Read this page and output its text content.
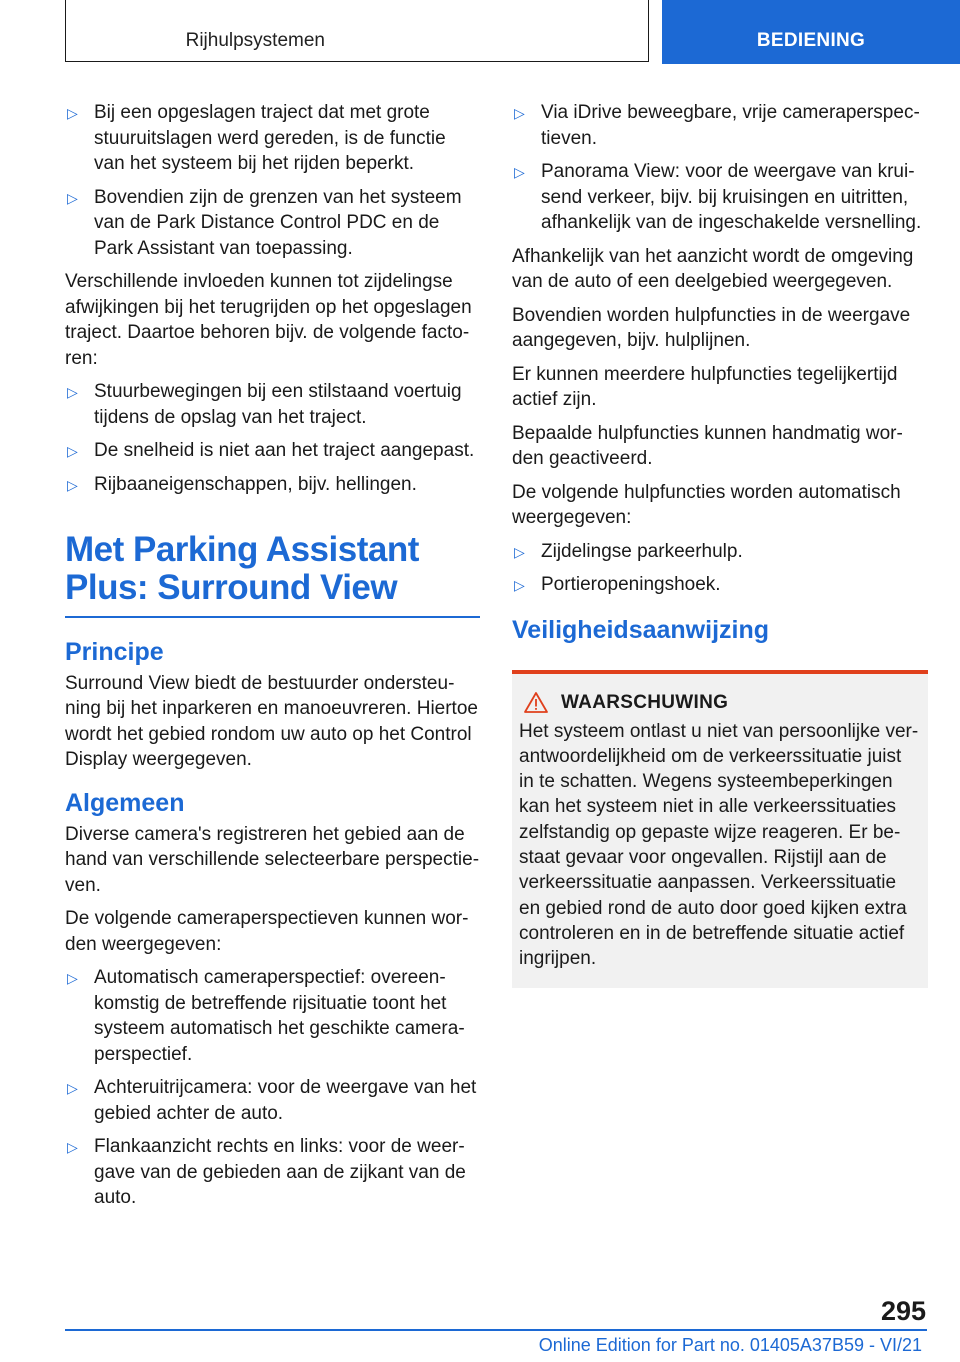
Rijhulpsystemen	BEDIENING
▷ Bij een opgeslagen traject dat met grote stuuruitslagen werd gereden, is de functie van het systeem bij het rijden beperkt.
▷ Bovendien zijn de grenzen van het systeem van de Park Distance Control PDC en de Park Assistant van toepassing.

Verschillende invloeden kunnen tot zijdelingse afwijkingen bij het terugrijden op het opgeslagen traject. Daartoe behoren bijv. de volgende factoren:

▷ Stuurbewegingen bij een stilstaand voertuig tijdens de opslag van het traject.
▷ De snelheid is niet aan het traject aangepast.
▷ Rijbaaneigenschappen, bijv. hellingen.
Met Parking Assistant Plus: Surround View
Principe

Surround View biedt de bestuurder ondersteuning bij het inparkeren en manoeuvreren. Hiertoe wordt het gebied rondom uw auto op het Control Display weergegeven.

Algemeen

Diverse camera's registreren het gebied aan de hand van verschillende selecteerbare perspectieven.

De volgende cameraperspectieven kunnen worden weergegeven:

▷ Automatisch cameraperspectief: overeenkomstig de betreffende rijsituatie toont het systeem automatisch het geschikte cameraperspectief.
▷ Achteruitrijcamera: voor de weergave van het gebied achter de auto.
▷ Flankaanzicht rechts en links: voor de weergave van de gebieden aan de zijkant van de auto.
▷ Via iDrive beweegbare, vrije cameraperspectieven.
▷ Panorama View: voor de weergave van kruisend verkeer, bijv. bij kruisingen en uitritten, afhankelijk van de ingeschakelde versnelling.

Afhankelijk van het aanzicht wordt de omgeving van de auto of een deelgebied weergegeven.

Bovendien worden hulpfuncties in de weergave aangegeven, bijv. hulplijnen.

Er kunnen meerdere hulpfuncties tegelijkertijd actief zijn.

Bepaalde hulpfuncties kunnen handmatig worden geactiveerd.

De volgende hulpfuncties worden automatisch weergegeven:

▷ Zijdelingse parkeerhulp.
▷ Portieropeningshoek.
Veiligheidsaanwijzing
WAARSCHUWING

Het systeem ontlast u niet van persoonlijke verantwoordelijkheid om de verkeerssituatie juist in te schatten. Wegens systeembeperkingen kan het systeem niet in alle verkeerssituaties zelfstandig op gepaste wijze reageren. Er bestaat gevaar voor ongevallen. Rijstijl aan de verkeerssituatie aanpassen. Verkeerssituatie en gebied rond de auto door goed kijken extra controleren en in de betreffende situatie actief ingrijpen.

295
Online Edition for Part no. 01405A37B59 - VI/21
